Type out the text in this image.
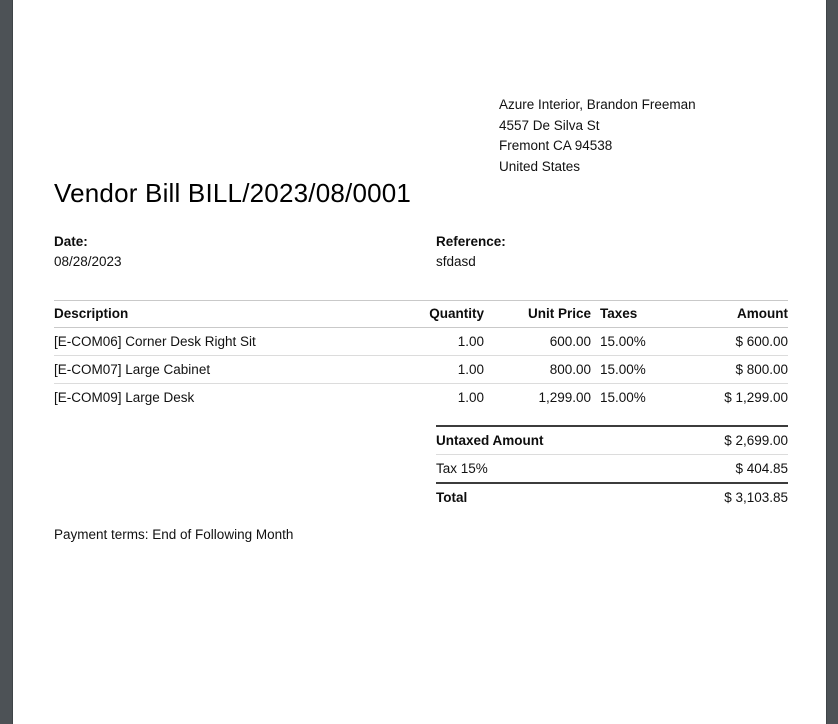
Azure Interior, Brandon Freeman
4557 De Silva St
Fremont CA 94538
United States
Vendor Bill BILL/2023/08/0001
Date:
08/28/2023
Reference:
sfdasd
Description	Quantity	Unit Price	Taxes	Amount
[E-COM06] Corner Desk Right Sit	1.00	600.00	15.00%	$ 600.00
[E-COM07] Large Cabinet	1.00	800.00	15.00%	$ 800.00
[E-COM09] Large Desk	1.00	1,299.00	15.00%	$ 1,299.00
Untaxed Amount	$ 2,699.00
Tax 15%	$ 404.85
Total	$ 3,103.85
Payment terms: End of Following Month
